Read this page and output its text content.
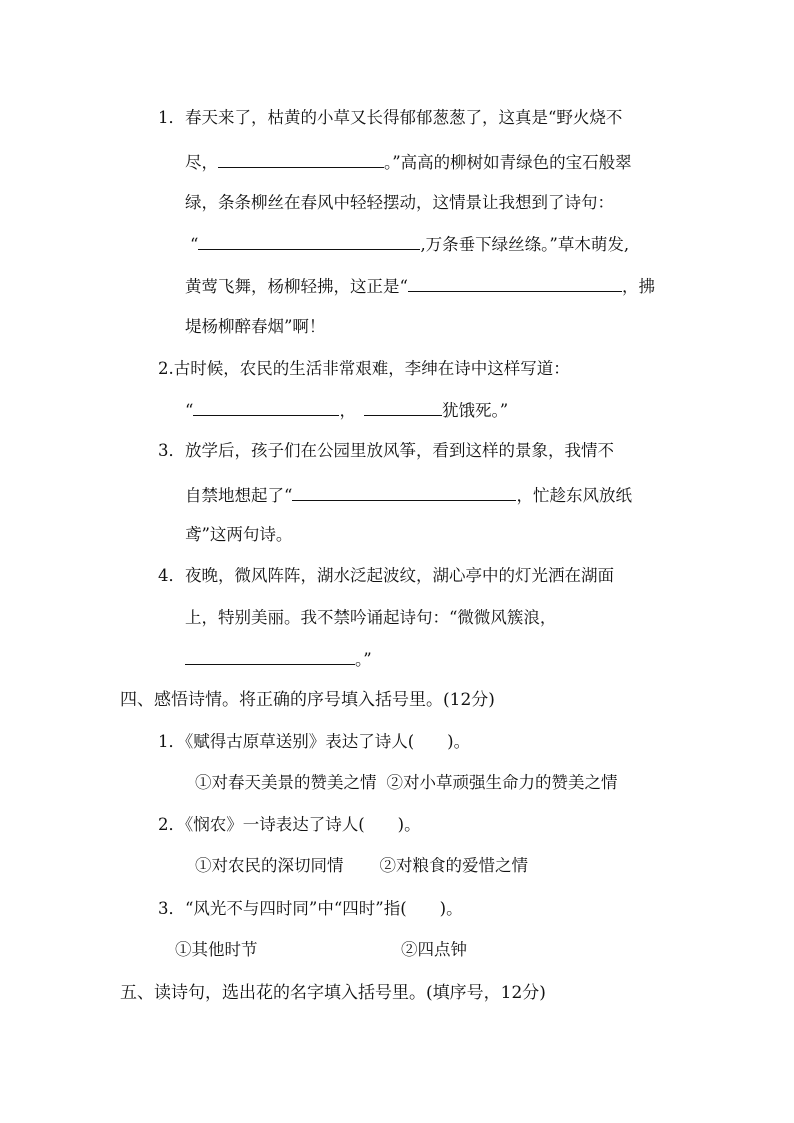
1．春天来了，枯黄的小草又长得郁郁葱葱了，这真是“野火烧不
尽，	。”高高的柳树如青绿色的宝石般翠
绿，条条柳丝在春风中轻轻摆动，这情景让我想到了诗句：
“	,万条垂下绿丝绦。”草木萌发,
黄莺飞舞，杨柳轻拂，这正是“	，拂
堤杨柳醉春烟”啊！
2.古时候，农民的生活非常艰难，李绅在诗中这样写道：
“	，	犹饿死。”
3．放学后，孩子们在公园里放风筝，看到这样的景象，我情不
自禁地想起了“	，忙趁东风放纸
鸢”这两句诗。
4．夜晚，微风阵阵，湖水泛起波纹，湖心亭中的灯光洒在湖面
上，特别美丽。我不禁吟诵起诗句：“微微风簇浪，
。”
四、感悟诗情。将正确的序号填入括号里。(12分)
1．《赋得古原草送别》表达了诗人(　　)。
①对春天美景的赞美之情 ②对小草顽强生命力的赞美之情
2．《悯农》一诗表达了诗人(　　)。
①对农民的深切同情 ②对粮食的爱惜之情
3．“风光不与四时同”中“四时”指(　　)。
①其他时节	②四点钟
五、读诗句，选出花的名字填入括号里。(填序号，12分)
